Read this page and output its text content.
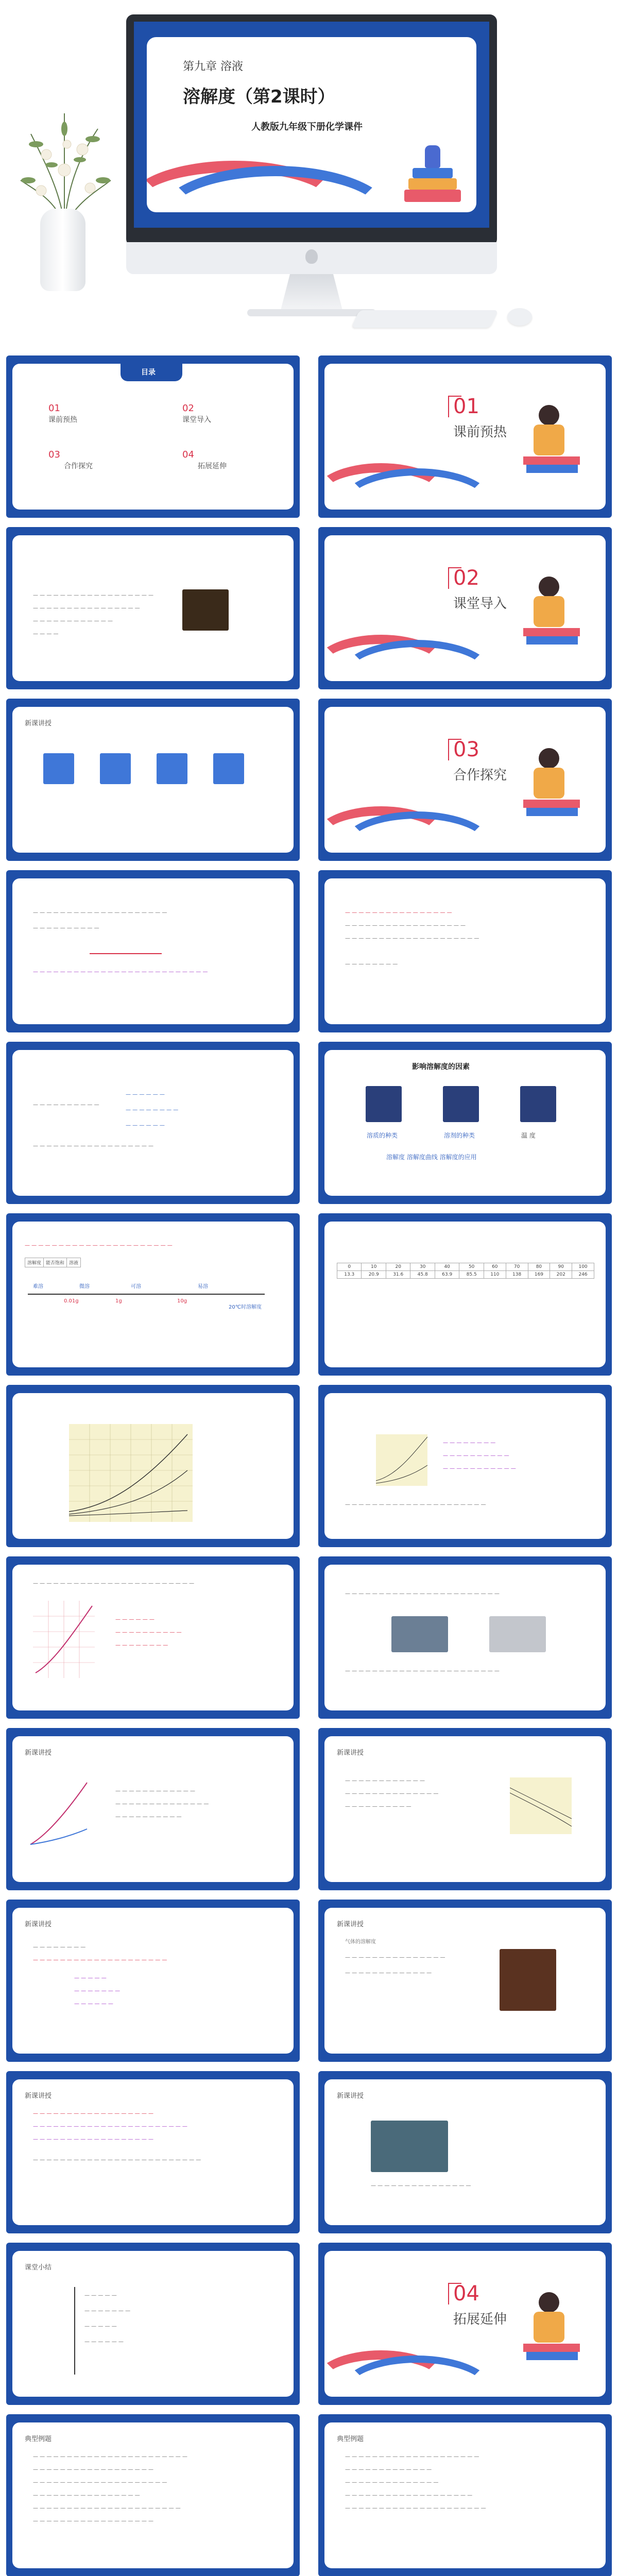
第九章 溶液
溶解度（第2课时）
人教版九年级下册化学课件
目录
01
课前预热
02
课堂导入
03
合作探究
04
拓展延伸
01
课前预热
— — — — — — — — — — — — — — — — — —
— — — — — — — — — — — — — — — —
— — — — — — — — — — — —
— — — —
02
课堂导入
新课讲授
03
合作探究
— — — — — — — — — — — — — — — — — — — —
— — — — — — — — — —
— — — — — — — — — — — — — — — — — — — — — — — — — —
— — — — — — — — — — — — — — — —
— — — — — — — — — — — — — — — — — —
— — — — — — — — — — — — — — — — — — — —
— — — — — — — —
— — — — — — — — — —
— — — — — —
— — — — — — — —
— — — — — —
— — — — — — — — — — — — — — — — — —
影响溶解度的因素
溶质的种类	溶剂的种类	温 度
溶解度 溶解度曲线 溶解度的应用
— — — — — — — — — — — — — — — — — — — — — —
溶解度	能否饱和	溶液
难溶	微溶	可溶	易溶
0.01g	1g	10g
20℃时溶解度
0	10	20	30	40	50	60	70	80	90	100
13.3	20.9	31.6	45.8	63.9	85.5	110	138	169	202	246
— — — — — — — —
— — — — — — — — — —
— — — — — — — — — — —
— — — — — — — — — — — — — — — — — — — — —
— — — — — — — — — — — — — — — — — — — — — — — —
— — — — — —
— — — — — — — — — —
— — — — — — — —
— — — — — — — — — — — — — — — — — — — — — — —
— — — — — — — — — — — — — — — — — — — — — — —
新课讲授
— — — — — — — — — — — —
— — — — — — — — — — — — — —
— — — — — — — — — —
新课讲授
— — — — — — — — — — — —
— — — — — — — — — — — — — —
— — — — — — — — — —
新课讲授
— — — — — — — —
— — — — — — — — — — — — — — — — — — — —
— — — — —
— — — — — — —
— — — — — —
新课讲授
气体的溶解度
— — — — — — — — — — — — — — —
— — — — — — — — — — — — —
新课讲授
— — — — — — — — — — — — — — — — — —
— — — — — — — — — — — — — — — — — — — — — — —
— — — — — — — — — — — — — — — — — —
— — — — — — — — — — — — — — — — — — — — — — — — —
新课讲授
— — — — — — — — — — — — — — —
课堂小结
— — — — —
— — — — — — —
— — — — —
— — — — — —
04
拓展延伸
典型例题
— — — — — — — — — — — — — — — — — — — — — — —
— — — — — — — — — — — — — — — — — —
— — — — — — — — — — — — — — — — — — — —
— — — — — — — — — — — — — — — —
— — — — — — — — — — — — — — — — — — — — — —
— — — — — — — — — — — — — — — — — —
典型例题
— — — — — — — — — — — — — — — — — — — —
— — — — — — — — — — — — —
— — — — — — — — — — — — — —
— — — — — — — — — — — — — — — — — — —
— — — — — — — — — — — — — — — — — — — — —
